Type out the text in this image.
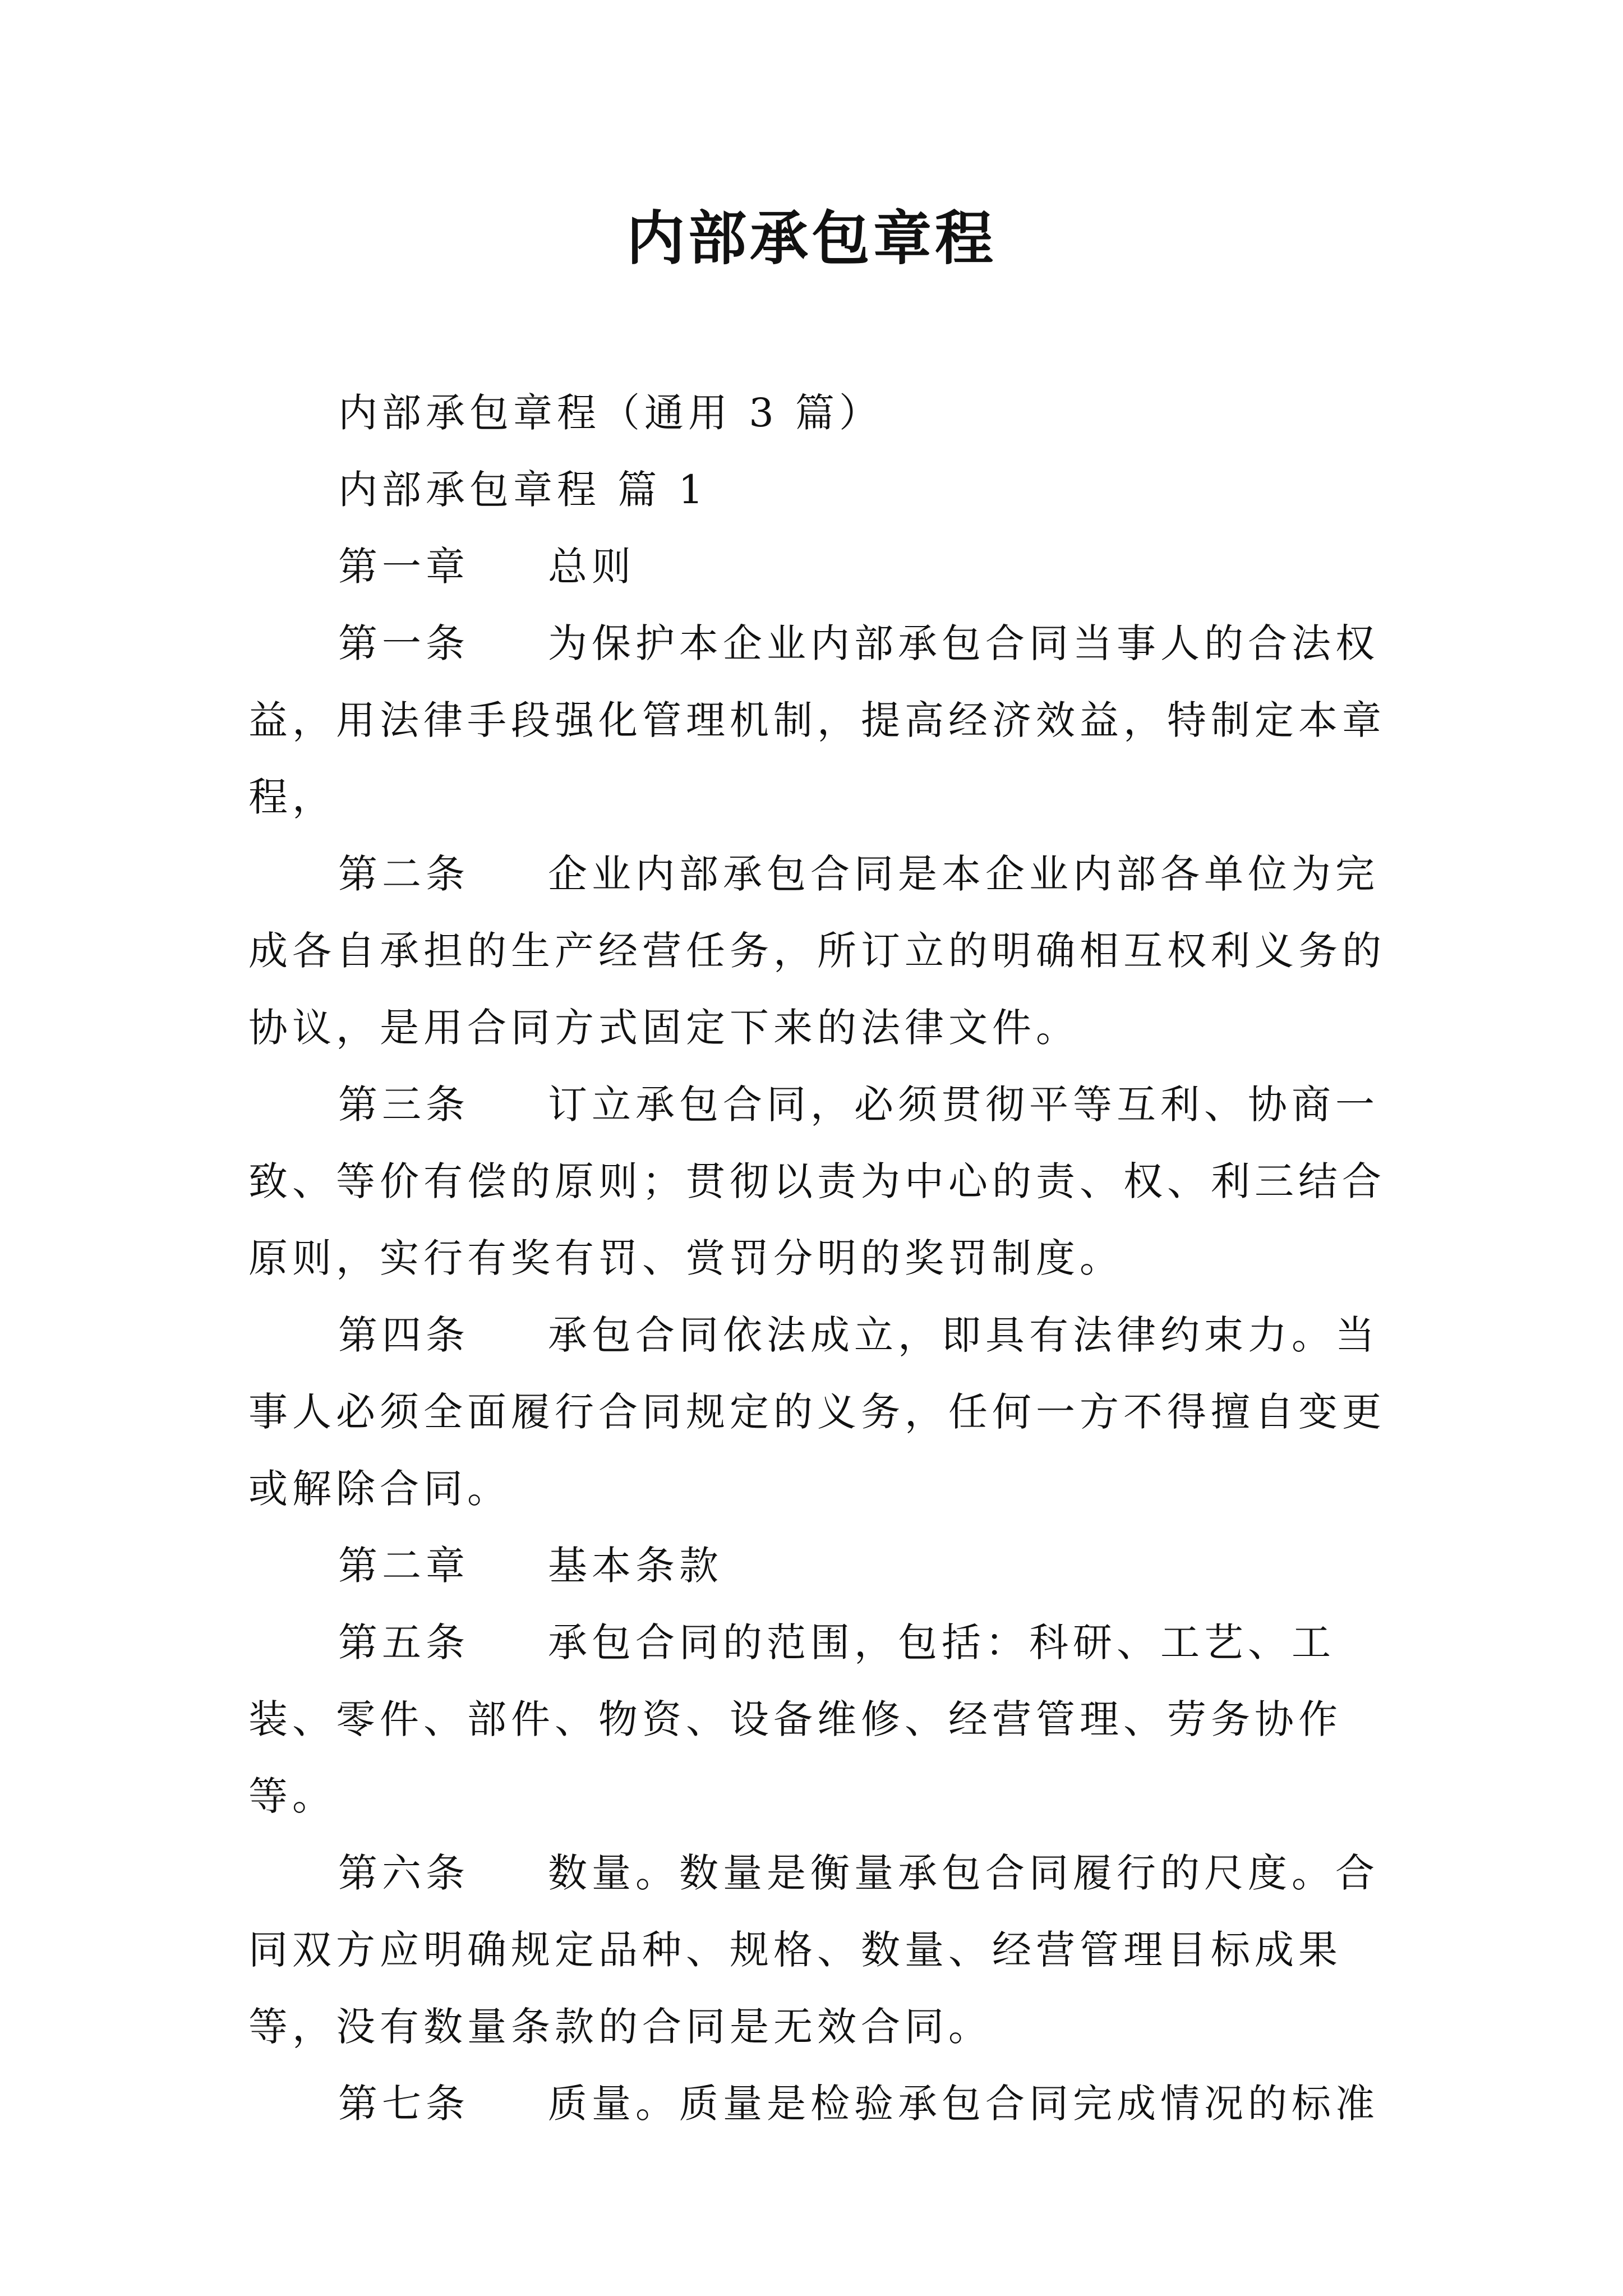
内部承包章程

内部承包章程（通用 3 篇）

内部承包章程 篇 1

第一章 总则

第一条 为保护本企业内部承包合同当事人的合法权益，用法律手段强化管理机制，提高经济效益，特制定本章程，

第二条 企业内部承包合同是本企业内部各单位为完成各自承担的生产经营任务，所订立的明确相互权利义务的协议，是用合同方式固定下来的法律文件。

第三条 订立承包合同，必须贯彻平等互利、协商一致、等价有偿的原则；贯彻以责为中心的责、权、利三结合原则，实行有奖有罚、赏罚分明的奖罚制度。

第四条 承包合同依法成立，即具有法律约束力。当事人必须全面履行合同规定的义务，任何一方不得擅自变更或解除合同。

第二章 基本条款

第五条 承包合同的范围，包括：科研、工艺、工装、零件、部件、物资、设备维修、经营管理、劳务协作等。

第六条 数量。数量是衡量承包合同履行的尺度。合同双方应明确规定品种、规格、数量、经营管理目标成果等，没有数量条款的合同是无效合同。

第七条 质量。质量是检验承包合同完成情况的标准
